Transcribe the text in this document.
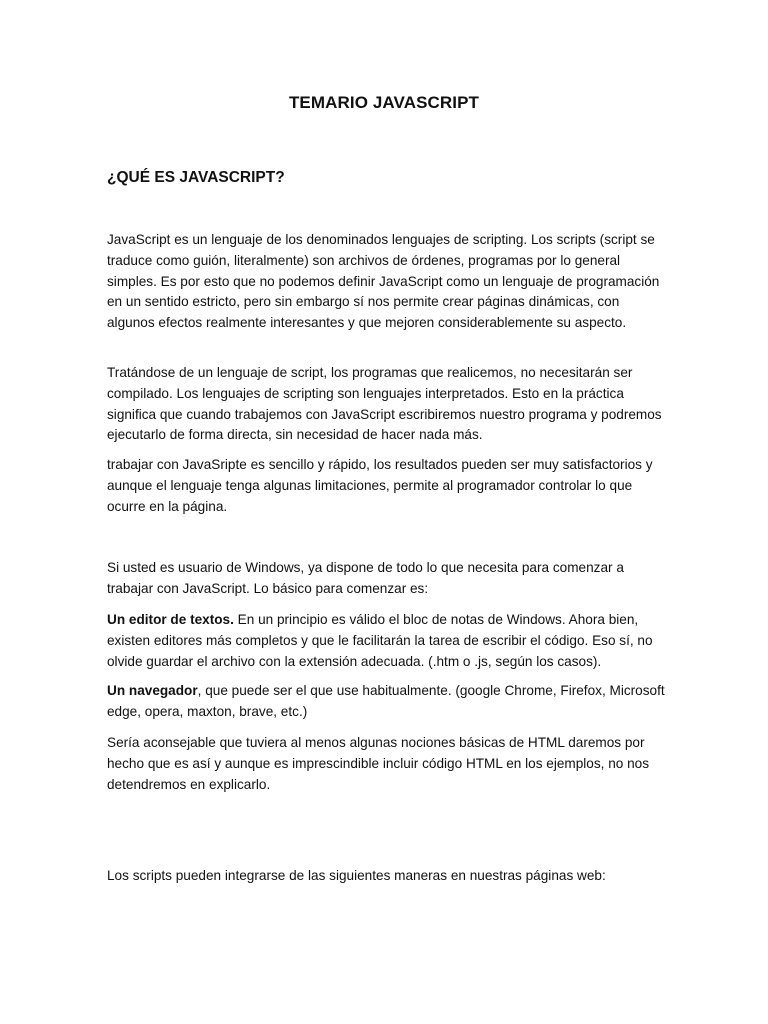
TEMARIO JAVASCRIPT
¿QUÉ ES JAVASCRIPT?

JavaScript es un lenguaje de los denominados lenguajes de scripting. Los scripts (script se traduce como guión, literalmente) son archivos de órdenes, programas por lo general simples. Es por esto que no podemos definir JavaScript como un lenguaje de programación en un sentido estricto, pero sin embargo sí nos permite crear páginas dinámicas, con algunos efectos realmente interesantes y que mejoren considerablemente su aspecto.

Tratándose de un lenguaje de script, los programas que realicemos, no necesitarán ser compilado. Los lenguajes de scripting son lenguajes interpretados. Esto en la práctica significa que cuando trabajemos con JavaScript escribiremos nuestro programa y podremos ejecutarlo de forma directa, sin necesidad de hacer nada más.

trabajar con JavaSripte es sencillo y rápido, los resultados pueden ser muy satisfactorios y aunque el lenguaje tenga algunas limitaciones, permite al programador controlar lo que ocurre en la página.

Si usted es usuario de Windows, ya dispone de todo lo que necesita para comenzar a trabajar con JavaScript. Lo básico para comenzar es:

Un editor de textos. En un principio es válido el bloc de notas de Windows. Ahora bien, existen editores más completos y que le facilitarán la tarea de escribir el código. Eso sí, no olvide guardar el archivo con la extensión adecuada. (.htm o .js, según los casos).

Un navegador, que puede ser el que use habitualmente. (google Chrome, Firefox, Microsoft edge, opera, maxton, brave, etc.)

Sería aconsejable que tuviera al menos algunas nociones básicas de HTML daremos por hecho que es así y aunque es imprescindible incluir código HTML en los ejemplos, no nos detendremos en explicarlo.

Los scripts pueden integrarse de las siguientes maneras en nuestras páginas web:
